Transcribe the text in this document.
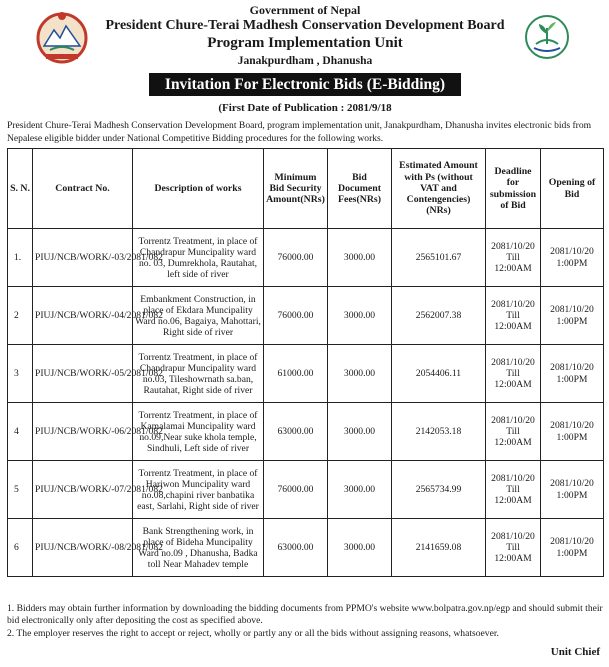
Government of Nepal
President Chure-Terai Madhesh Conservation Development Board
Program Implementation Unit
Janakpurdham , Dhanusha
Invitation For Electronic Bids (E-Bidding)
(First Date of Publication : 2081/9/18
President Chure-Terai Madhesh Conservation Development Board, program implementation unit, Janakpurdham, Dhanusha invites electronic bids from Nepalese eligible bidder under National Competitive Bidding procedures for the following works.
S. N.	Contract No.	Description of works	Minimum Bid Security Amount(NRs)	Bid Document Fees(NRs)	Estimated Amount with Ps (without VAT and Contengencies) (NRs)	Deadline for submission of Bid	Opening of Bid
1.	PIUJ/NCB/WORK/-03/2081/082	Torrentz Treatment, in place of Chandrapur Muncipality ward no. 03, Dumrekhola, Rautahat, left side of river	76000.00	3000.00	2565101.67	2081/10/20 Till 12:00AM	2081/10/20 1:00PM
2	PIUJ/NCB/WORK/-04/2081/082	Embankment Construction, in place of Ekdara Muncipality Ward no.06, Bagaiya, Mahottari, Right side of river	76000.00	3000.00	2562007.38	2081/10/20 Till 12:00AM	2081/10/20 1:00PM
3	PIUJ/NCB/WORK/-05/2081/082	Torrentz Treatment, in place of Chandrapur Muncipality ward no.03, Tileshowrnath sa.ban, Rautahat, Right side of river	61000.00	3000.00	2054406.11	2081/10/20 Till 12:00AM	2081/10/20 1:00PM
4	PIUJ/NCB/WORK/-06/2081/082	Torrentz Treatment, in place of Kamalamai Muncipality ward no.09,Near suke khola temple, Sindhuli, Left side of river	63000.00	3000.00	2142053.18	2081/10/20 Till 12:00AM	2081/10/20 1:00PM
5	PIUJ/NCB/WORK/-07/2081/082	Torrentz Treatment, in place of Hariwon Muncipality ward no.08,chapini river banbatika east, Sarlahi, Right side of river	76000.00	3000.00	2565734.99	2081/10/20 Till 12:00AM	2081/10/20 1:00PM
6	PIUJ/NCB/WORK/-08/2081/082	Bank Strengthening work, in place of Bideha Muncipality Ward no.09 , Dhanusha, Badka toll Near Mahadev temple	63000.00	3000.00	2141659.08	2081/10/20 Till 12:00AM	2081/10/20 1:00PM

1. Bidders may obtain further information by downloading the bidding documents from PPMO's website www.bolpatra.gov.np/egp and should submit their bid electronically only after depositing the cost as specified above.

2. The employer reserves the right to accept or reject, wholly or partly any or all the bids without assigning reasons, whatsoever.

Unit Chief
